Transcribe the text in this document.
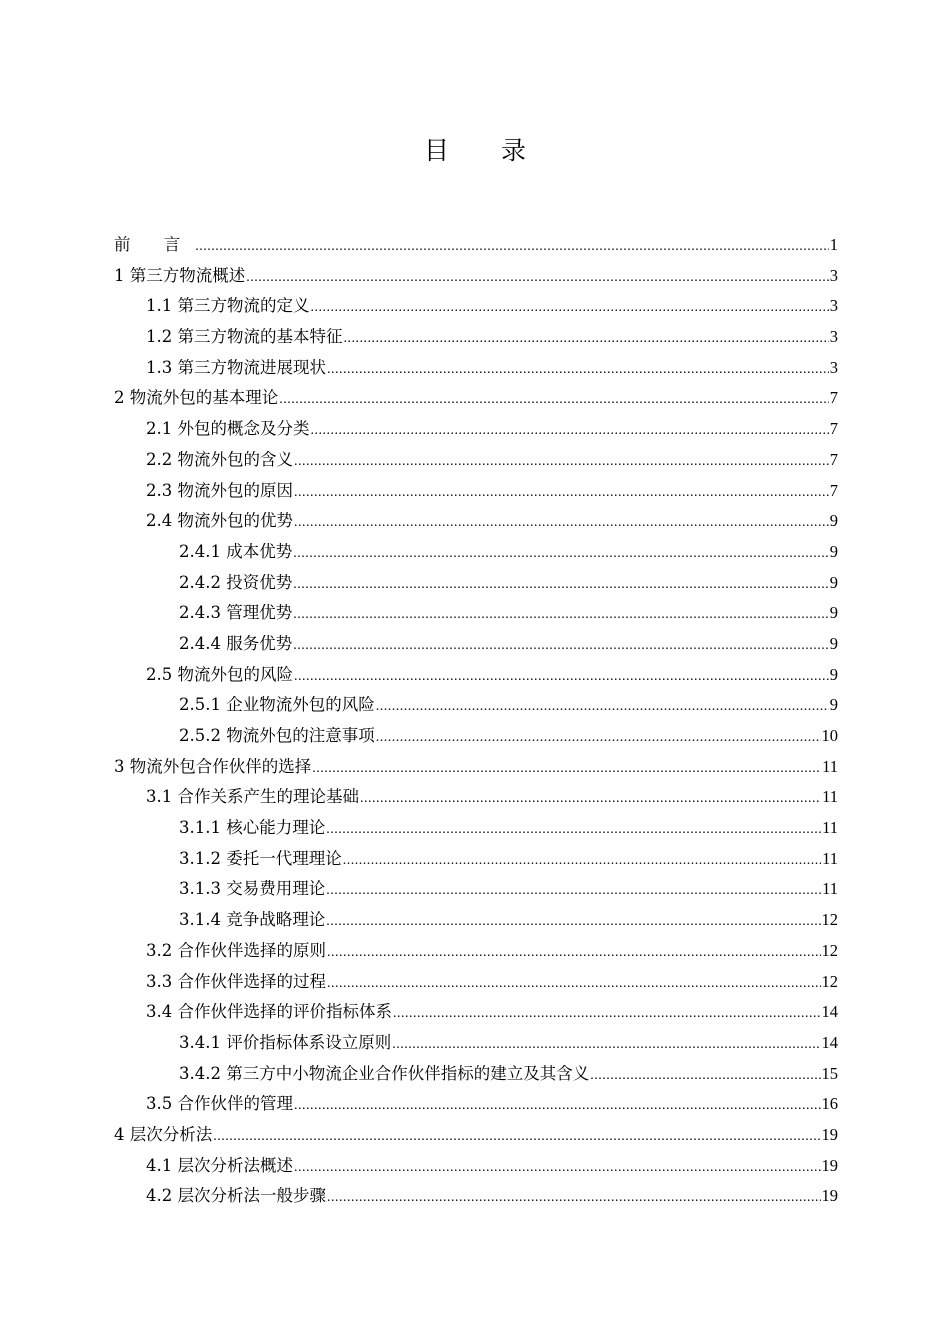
目 录
前 言 .....	1
1 第三方物流概述 .....	3
1.1 第三方物流的定义 .....	3
1.2 第三方物流的基本特征 .....	3
1.3 第三方物流进展现状 .....	3
2 物流外包的基本理论 .....	7
2.1 外包的概念及分类 .....	7
2.2 物流外包的含义 .....	7
2.3 物流外包的原因 .....	7
2.4 物流外包的优势 .....	9
2.4.1 成本优势 .....	9
2.4.2 投资优势 .....	9
2.4.3 管理优势 .....	9
2.4.4 服务优势 .....	9
2.5 物流外包的风险 .....	9
2.5.1 企业物流外包的风险 .....	9
2.5.2 物流外包的注意事项 .....	10
3 物流外包合作伙伴的选择 .....	11
3.1 合作关系产生的理论基础 .....	11
3.1.1 核心能力理论 .....	11
3.1.2 委托一代理理论 .....	11
3.1.3 交易费用理论 .....	11
3.1.4 竞争战略理论 .....	12
3.2 合作伙伴选择的原则 .....	12
3.3 合作伙伴选择的过程 .....	12
3.4 合作伙伴选择的评价指标体系 .....	14
3.4.1 评价指标体系设立原则 .....	14
3.4.2 第三方中小物流企业合作伙伴指标的建立及其含义 .....	15
3.5 合作伙伴的管理 .....	16
4 层次分析法 .....	19
4.1 层次分析法概述 .....	19
4.2 层次分析法一般步骤 .....	19
